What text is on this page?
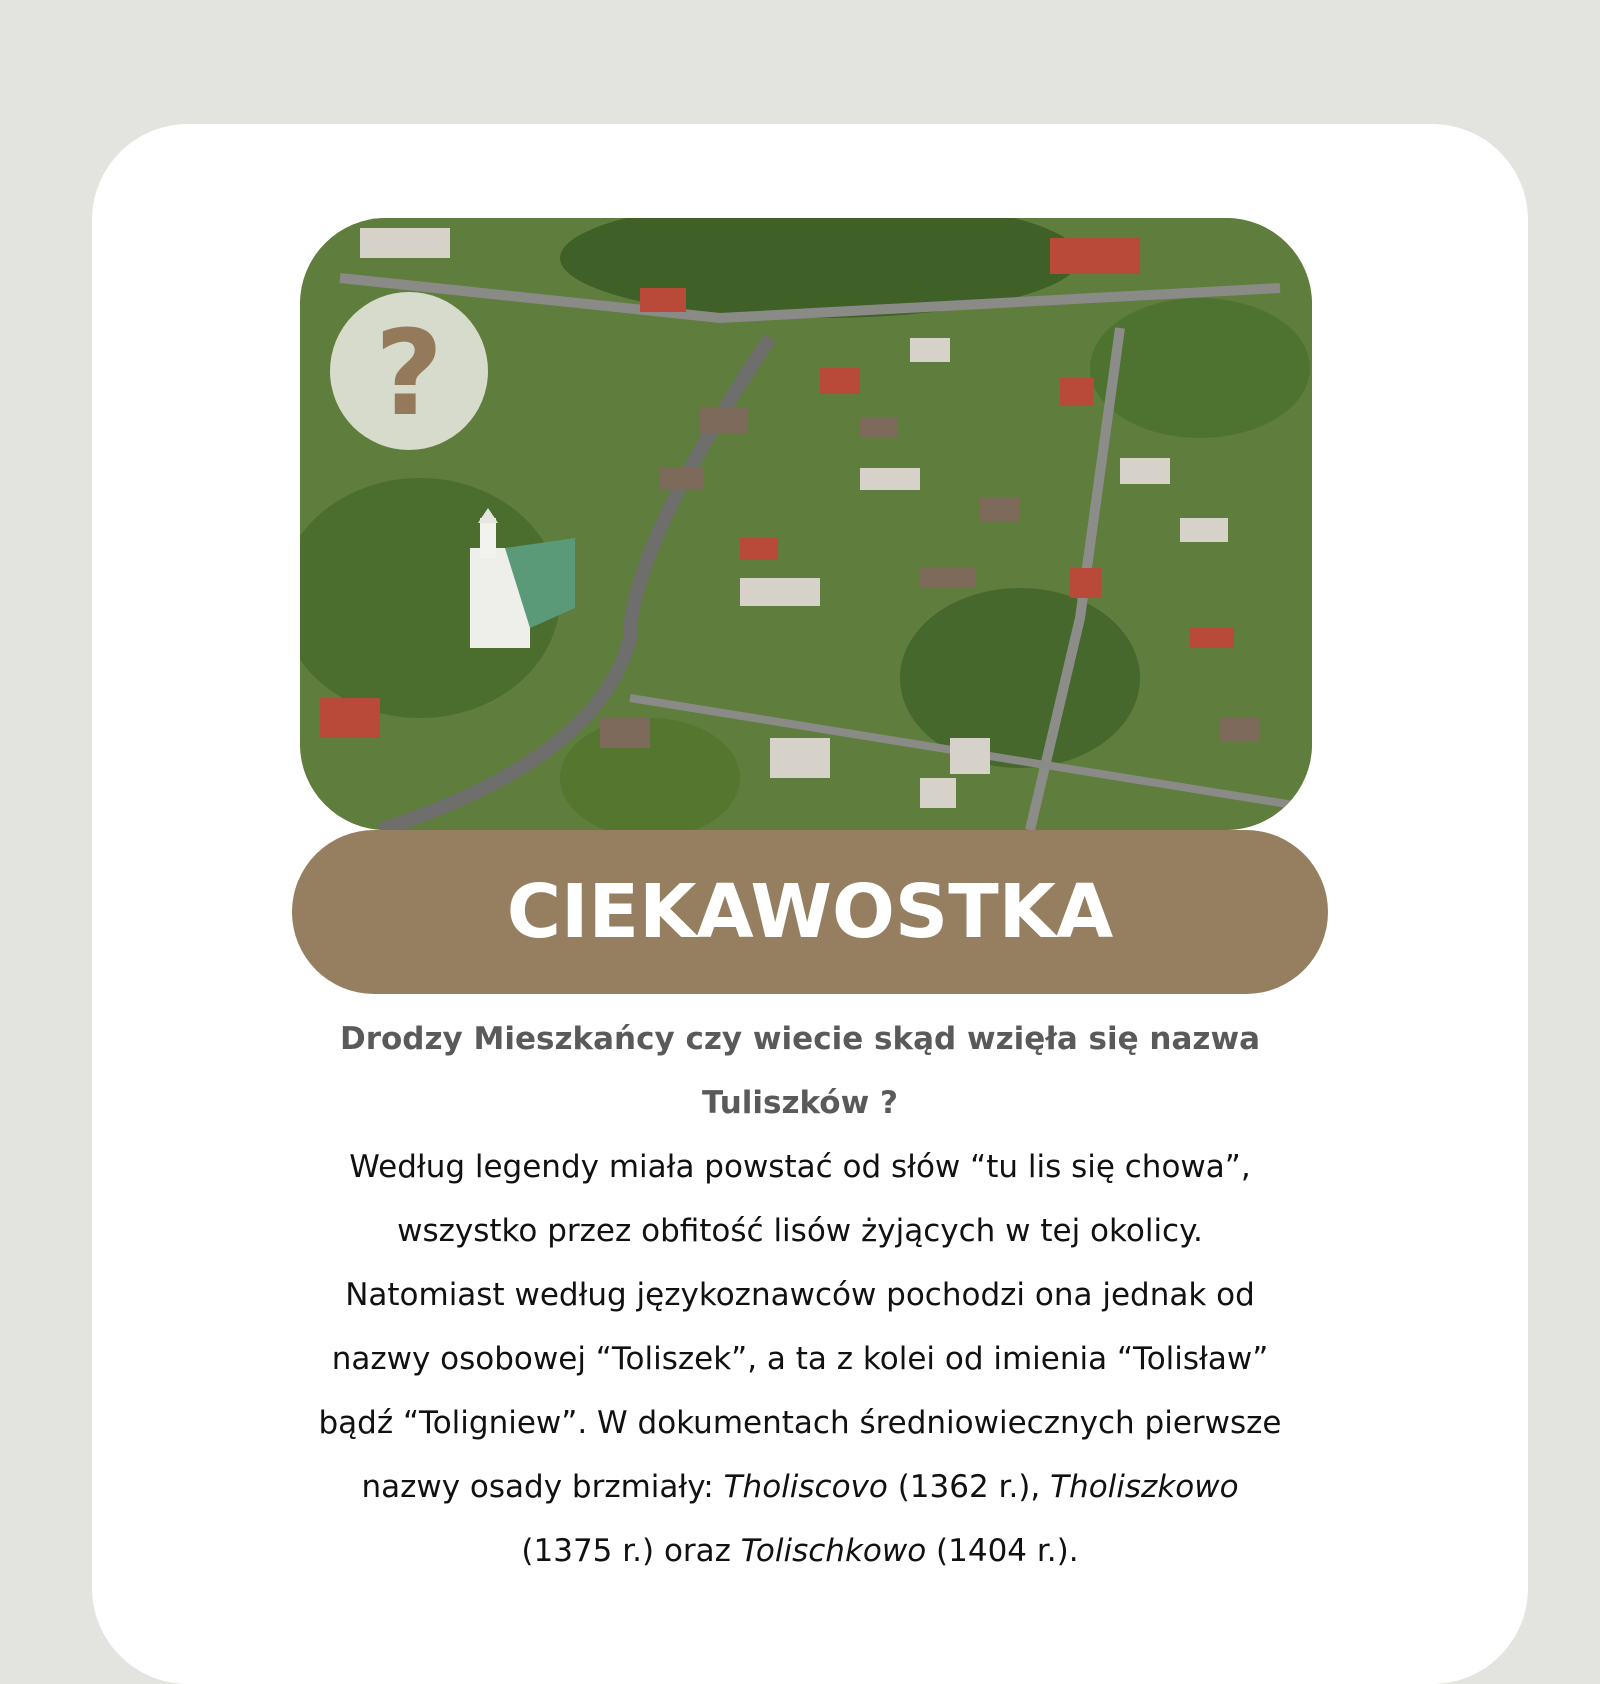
?
CIEKAWOSTKA
Drodzy Mieszkańcy czy wiecie skąd wzięła się nazwa
Tuliszków ?
Według legendy miała powstać od słów “tu lis się chowa”,
wszystko przez obfitość lisów żyjących w tej okolicy.
Natomiast według językoznawców pochodzi ona jednak od
nazwy osobowej “Toliszek”, a ta z kolei od imienia “Tolisław”
bądź “Toligniew”. W dokumentach średniowiecznych pierwsze
nazwy osady brzmiały: Tholiscovo (1362 r.), Tholiszkowo
(1375 r.) oraz Tolischkowo (1404 r.).
